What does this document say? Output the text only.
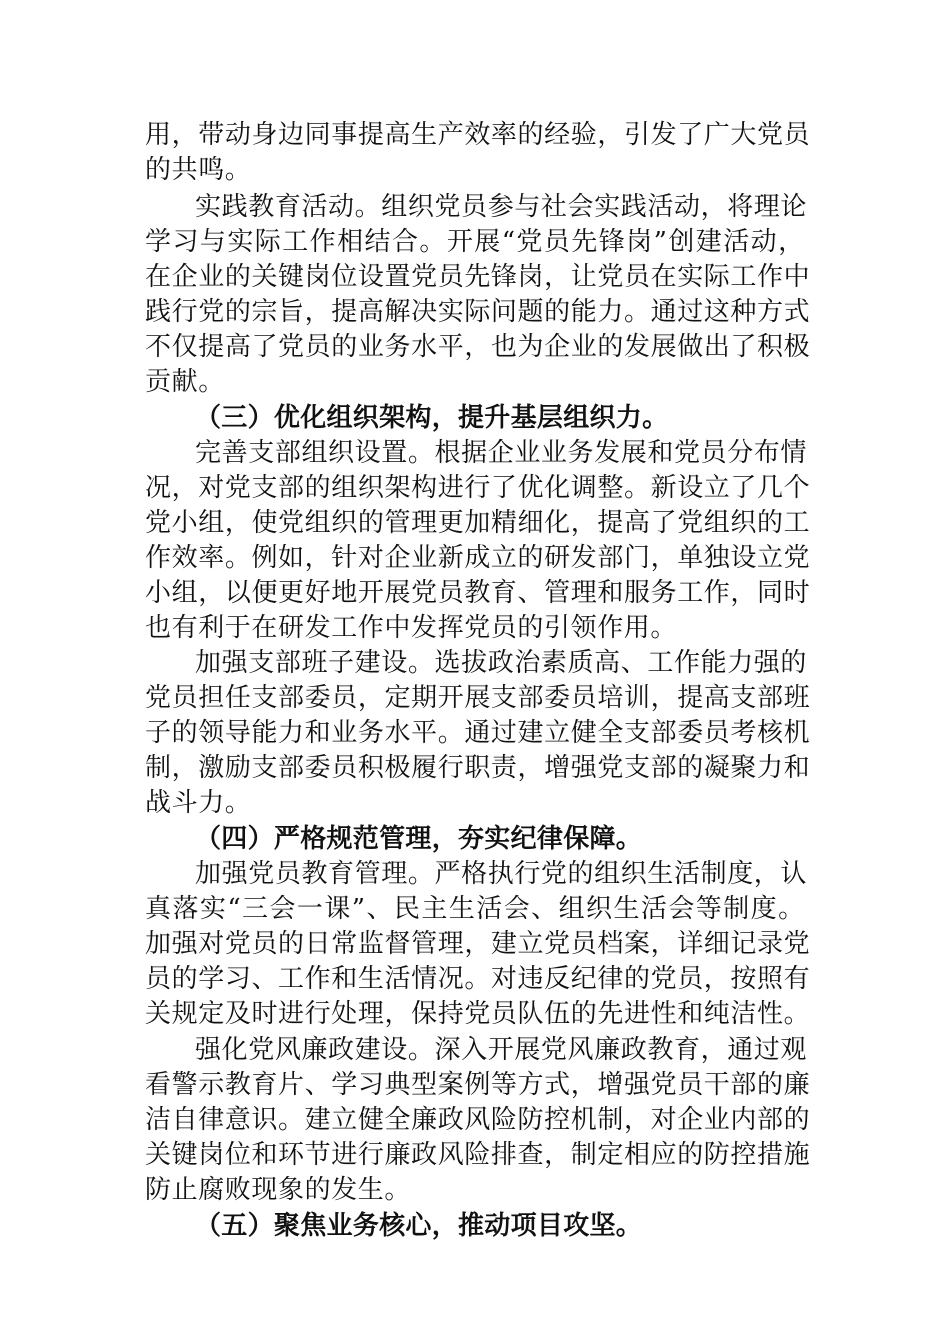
用 ， 带 动 身 边 同 事 提 高 生 产 效 率 的 经 验 ， 引 发 了 广 大 党 员
的共鸣。
实 践 教 育 活 动 。 组 织 党 员 参 与 社 会 实 践 活 动 ， 将 理 论
学 习 与 实 际 工 作 相 结 合 。 开 展 “ 党 员 先 锋 岗 ” 创 建 活 动 ，
在 企 业 的 关 键 岗 位 设 置 党 员 先 锋 岗 ， 让 党 员 在 实 际 工 作 中
践 行 党 的 宗 旨 ， 提 高 解 决 实 际 问 题 的 能 力 。 通 过 这 种 方 式
不 仅 提 高 了 党 员 的 业 务 水 平 ， 也 为 企 业 的 发 展 做 出 了 积 极
贡献。
（三）优化组织架构，提升基层组织力。
完 善 支 部 组 织 设 置 。 根 据 企 业 业 务 发 展 和 党 员 分 布 情
况 ， 对 党 支 部 的 组 织 架 构 进 行 了 优 化 调 整 。 新 设 立 了 几 个
党 小 组 ， 使 党 组 织 的 管 理 更 加 精 细 化 ， 提 高 了 党 组 织 的 工
作 效 率 。 例 如 ， 针 对 企 业 新 成 立 的 研 发 部 门 ， 单 独 设 立 党
小 组 ， 以 便 更 好 地 开 展 党 员 教 育 、 管 理 和 服 务 工 作 ， 同 时
也有利于在研发工作中发挥党员的引领作用。
加 强 支 部 班 子 建 设 。 选 拔 政 治 素 质 高 、 工 作 能 力 强 的
党 员 担 任 支 部 委 员 ， 定 期 开 展 支 部 委 员 培 训 ， 提 高 支 部 班
子 的 领 导 能 力 和 业 务 水 平 。 通 过 建 立 健 全 支 部 委 员 考 核 机
制 ， 激 励 支 部 委 员 积 极 履 行 职 责 ， 增 强 党 支 部 的 凝 聚 力 和
战斗力。
（四）严格规范管理，夯实纪律保障。
加 强 党 员 教 育 管 理 。 严 格 执 行 党 的 组 织 生 活 制 度 ， 认
真 落 实 “ 三 会 一 课 ” 、 民 主 生 活 会 、 组 织 生 活 会 等 制 度 。
加 强 对 党 员 的 日 常 监 督 管 理 ， 建 立 党 员 档 案 ， 详 细 记 录 党
员 的 学 习 、 工 作 和 生 活 情 况 。 对 违 反 纪 律 的 党 员 ， 按 照 有
关 规 定 及 时 进 行 处 理 ， 保 持 党 员 队 伍 的 先 进 性 和 纯 洁 性 。
强 化 党 风 廉 政 建 设 。 深 入 开 展 党 风 廉 政 教 育 ， 通 过 观
看 警 示 教 育 片 、 学 习 典 型 案 例 等 方 式 ， 增 强 党 员 干 部 的 廉
洁 自 律 意 识 。 建 立 健 全 廉 政 风 险 防 控 机 制 ， 对 企 业 内 部 的
关 键 岗 位 和 环 节 进 行 廉 政 风 险 排 查 ， 制 定 相 应 的 防 控 措 施
防止腐败现象的发生。
（五）聚焦业务核心，推动项目攻坚。
